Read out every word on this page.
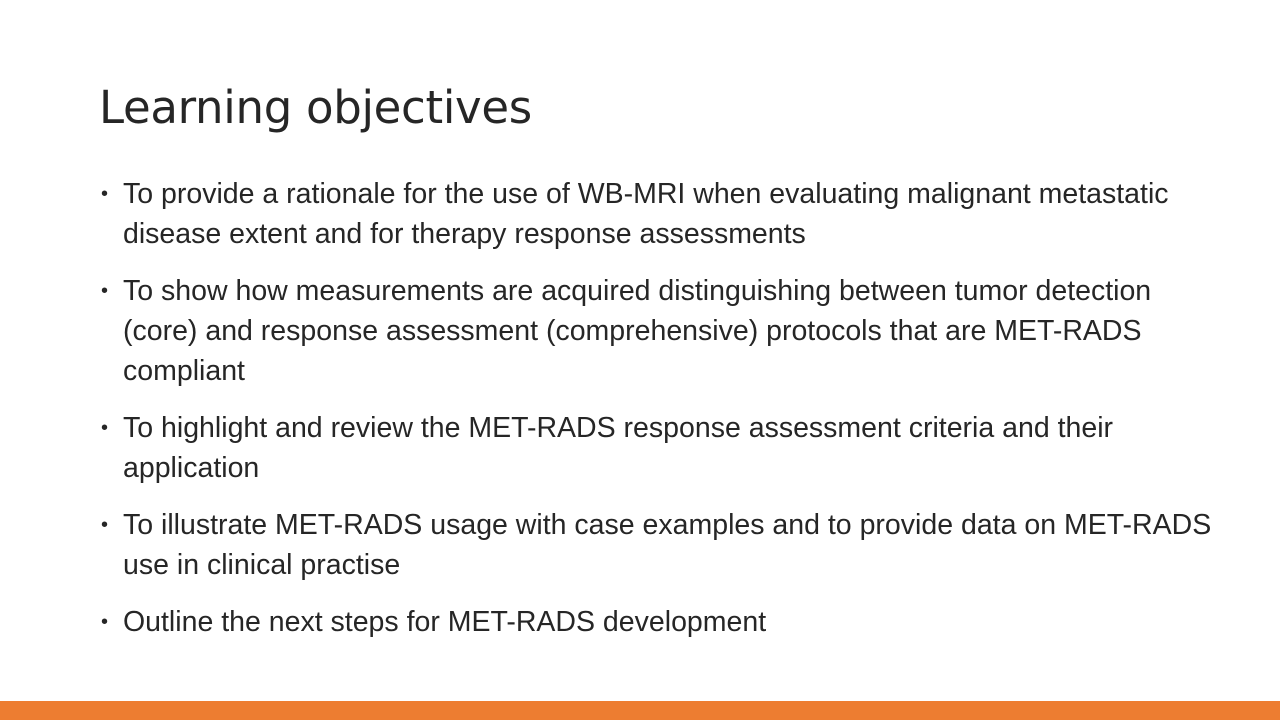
Learning objectives
• To provide a rationale for the use of WB-MRI when evaluating malignant metastatic disease extent and for therapy response assessments
• To show how measurements are acquired distinguishing between tumor detection (core) and response assessment (comprehensive) protocols that are MET-RADS compliant
• To highlight and review the MET-RADS response assessment criteria and their application
• To illustrate MET-RADS usage with case examples and to provide data on MET-RADS use in clinical practise
• Outline the next steps for MET-RADS development
